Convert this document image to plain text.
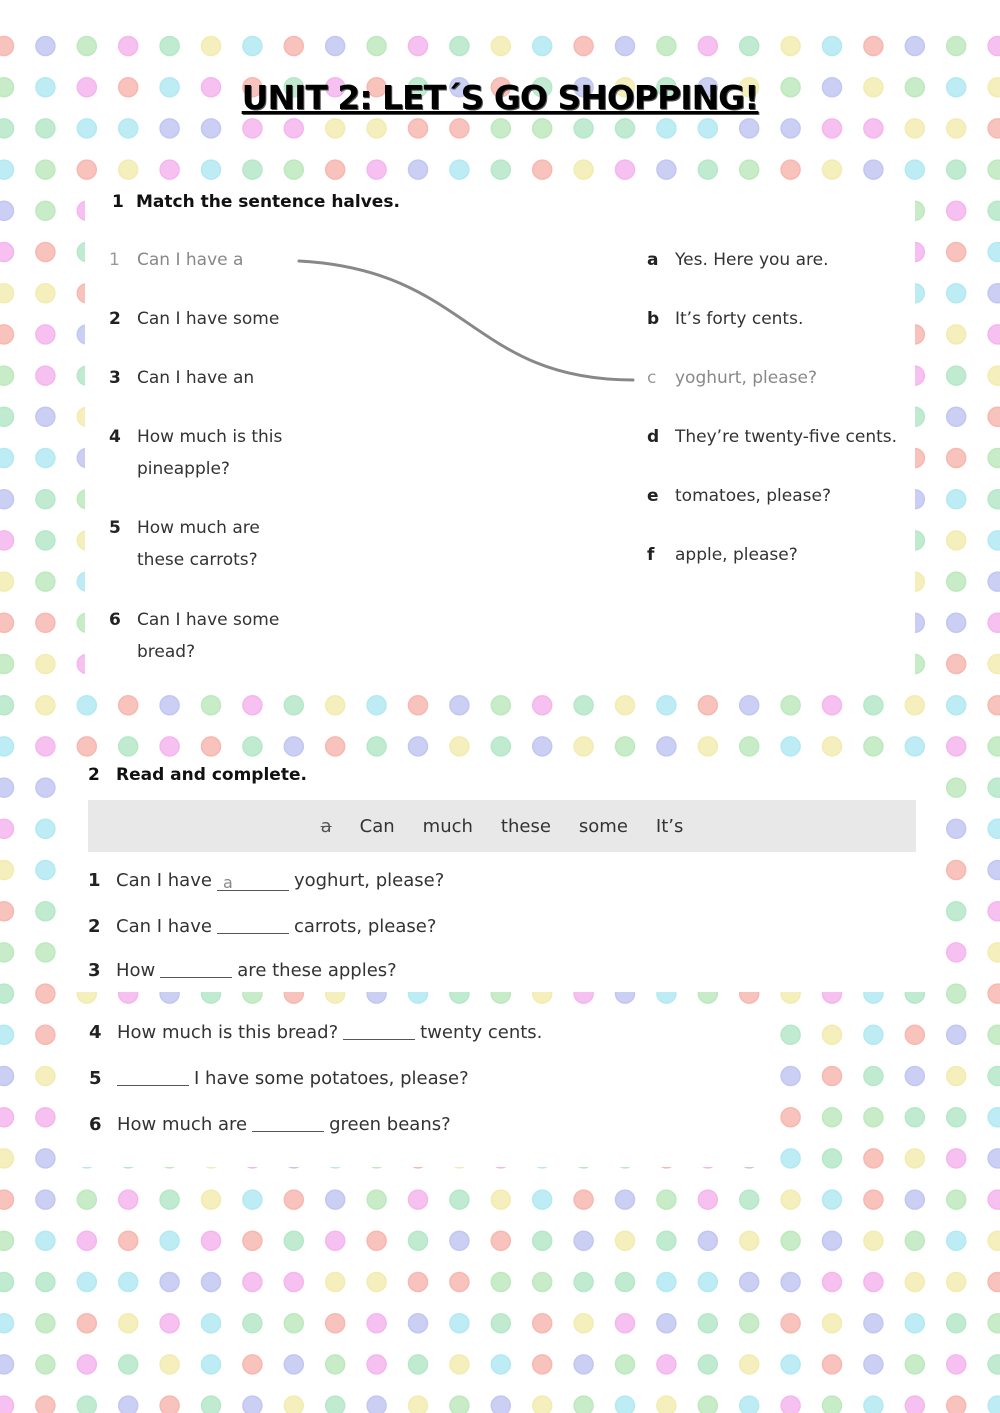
UNIT 2: LET´S GO SHOPPING!
1 Match the sentence halves.
1 Can I have a
2 Can I have some
3 Can I have an
4 How much is this
pineapple?
5 How much are
these carrots?
6 Can I have some
bread?
a Yes. Here you are.
b It’s forty cents.
c yoghurt, please?
d They’re twenty-five cents.
e tomatoes, please?
f apple, please?
2 Read and complete.
a Can much these some It’s
1 Can I have a	yoghurt, please?
2 Can I have	carrots, please?
3 How	are these apples?
4 How much is this bread?	twenty cents.
5	I have some potatoes, please?
6 How much are	green beans?
